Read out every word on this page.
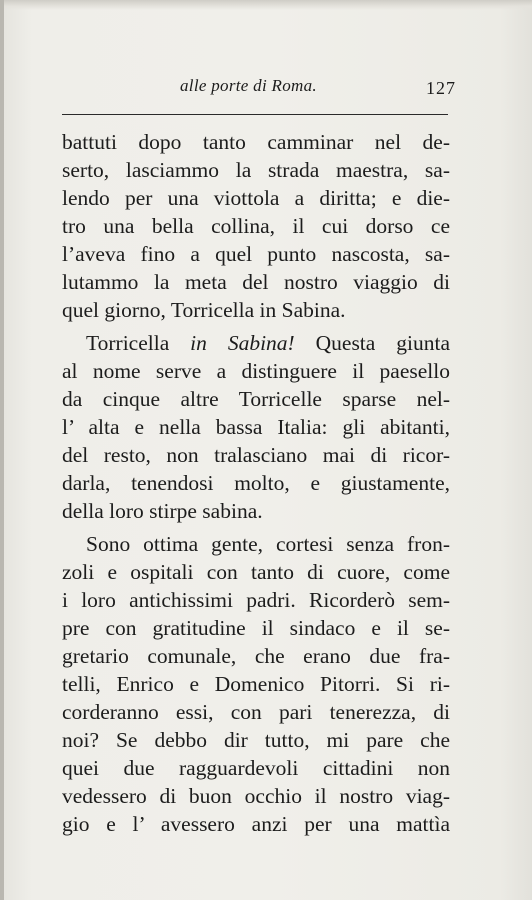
alle porte di Roma.	127
battuti dopo tanto camminar nel de-
serto, lasciammo la strada maestra, sa-
lendo per una viottola a diritta; e die-
tro una bella collina, il cui dorso ce
l’aveva fino a quel punto nascosta, sa-
lutammo la meta del nostro viaggio di
quel giorno, Torricella in Sabina.
Torricella in Sabina! Questa giunta
al nome serve a distinguere il paesello
da cinque altre Torricelle sparse nel-
l’ alta e nella bassa Italia: gli abitanti,
del resto, non tralasciano mai di ricor-
darla, tenendosi molto, e giustamente,
della loro stirpe sabina.
Sono ottima gente, cortesi senza fron-
zoli e ospitali con tanto di cuore, come
i loro antichissimi padri. Ricorderò sem-
pre con gratitudine il sindaco e il se-
gretario comunale, che erano due fra-
telli, Enrico e Domenico Pitorri. Si ri-
corderanno essi, con pari tenerezza, di
noi? Se debbo dir tutto, mi pare che
quei due ragguardevoli cittadini non
vedessero di buon occhio il nostro viag-
gio e l’ avessero anzi per una mattìa
